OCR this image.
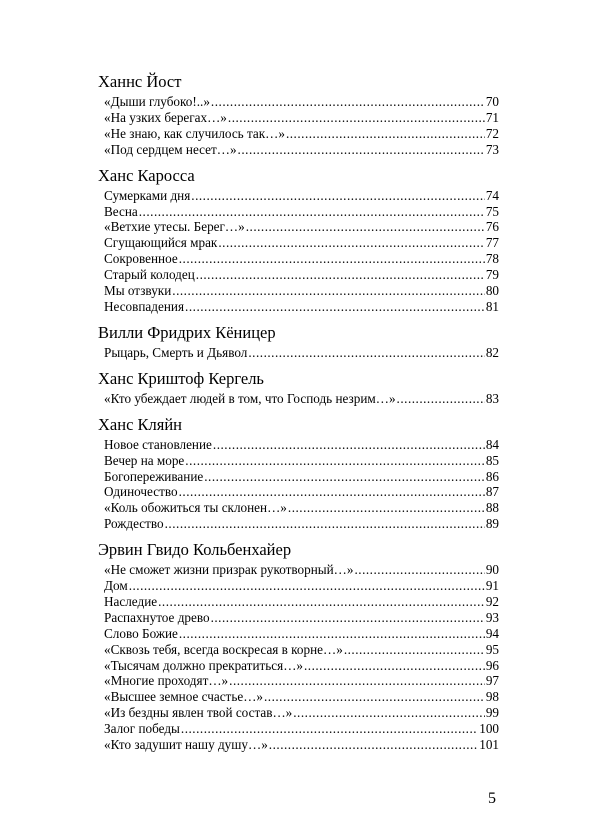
Ханнс Йост
«Дыши глубоко!..» .....	70
«На узких берегах…» .....	71
«Не знаю, как случилось так…» .....	72
«Под сердцем несет…» .....	73
Ханс Каросса
Сумерками дня .....	74
Весна .....	75
«Ветхие утесы. Берег…» .....	76
Сгущающийся мрак .....	77
Сокровенное .....	78
Старый колодец .....	79
Мы отзвуки .....	80
Несовпадения .....	81
Вилли Фридрих Кёницер
Рыцарь, Смерть и Дьявол .....	82
Ханс Криштоф Кергель
«Кто убеждает людей в том, что Господь незрим…» .....	83
Ханс Кляйн
Новое становление .....	84
Вечер на море .....	85
Богопереживание .....	86
Одиночество .....	87
«Коль обожиться ты склонен…» .....	88
Рождество .....	89
Эрвин Гвидо Кольбенхайер
«Не сможет жизни призрак рукотворный…» .....	90
Дом .....	91
Наследие .....	92
Распахнутое древо .....	93
Слово Божие .....	94
«Сквозь тебя, всегда воскресая в корне…» .....	95
«Тысячам должно прекратиться…» .....	96
«Многие проходят…» .....	97
«Высшее земное счастье…» .....	98
«Из бездны явлен твой состав…» .....	99
Залог победы .....	100
«Кто задушит нашу душу…» .....	101
5
